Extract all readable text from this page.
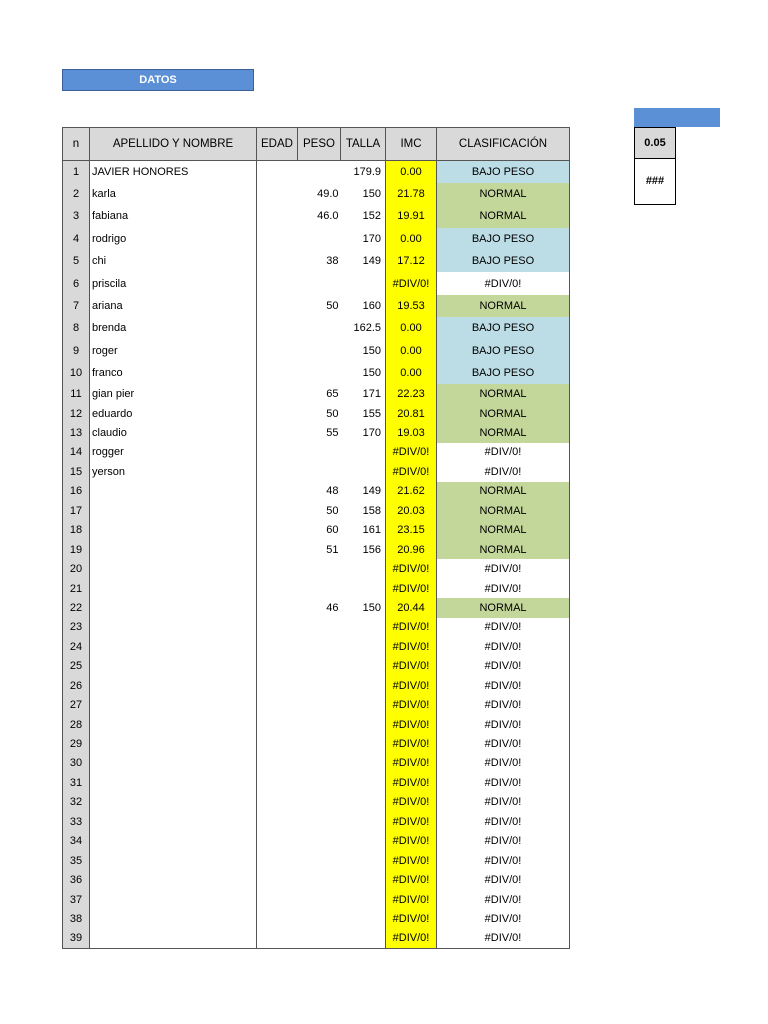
DATOS
0.05
###
n	APELLIDO Y NOMBRE	EDAD	PESO	TALLA	IMC	CLASIFICACIÓN
1	JAVIER HONORES			179.9	0.00	BAJO PESO
2	karla		49.0	150	21.78	NORMAL
3	fabiana		46.0	152	19.91	NORMAL
4	rodrigo			170	0.00	BAJO PESO
5	chi		38	149	17.12	BAJO PESO
6	priscila				#DIV/0!	#DIV/0!
7	ariana		50	160	19.53	NORMAL
8	brenda			162.5	0.00	BAJO PESO
9	roger			150	0.00	BAJO PESO
10	franco			150	0.00	BAJO PESO
11	gian pier		65	171	22.23	NORMAL
12	eduardo		50	155	20.81	NORMAL
13	claudio		55	170	19.03	NORMAL
14	rogger				#DIV/0!	#DIV/0!
15	yerson				#DIV/0!	#DIV/0!
16			48	149	21.62	NORMAL
17			50	158	20.03	NORMAL
18			60	161	23.15	NORMAL
19			51	156	20.96	NORMAL
20					#DIV/0!	#DIV/0!
21					#DIV/0!	#DIV/0!
22			46	150	20.44	NORMAL
23					#DIV/0!	#DIV/0!
24					#DIV/0!	#DIV/0!
25					#DIV/0!	#DIV/0!
26					#DIV/0!	#DIV/0!
27					#DIV/0!	#DIV/0!
28					#DIV/0!	#DIV/0!
29					#DIV/0!	#DIV/0!
30					#DIV/0!	#DIV/0!
31					#DIV/0!	#DIV/0!
32					#DIV/0!	#DIV/0!
33					#DIV/0!	#DIV/0!
34					#DIV/0!	#DIV/0!
35					#DIV/0!	#DIV/0!
36					#DIV/0!	#DIV/0!
37					#DIV/0!	#DIV/0!
38					#DIV/0!	#DIV/0!
39					#DIV/0!	#DIV/0!
